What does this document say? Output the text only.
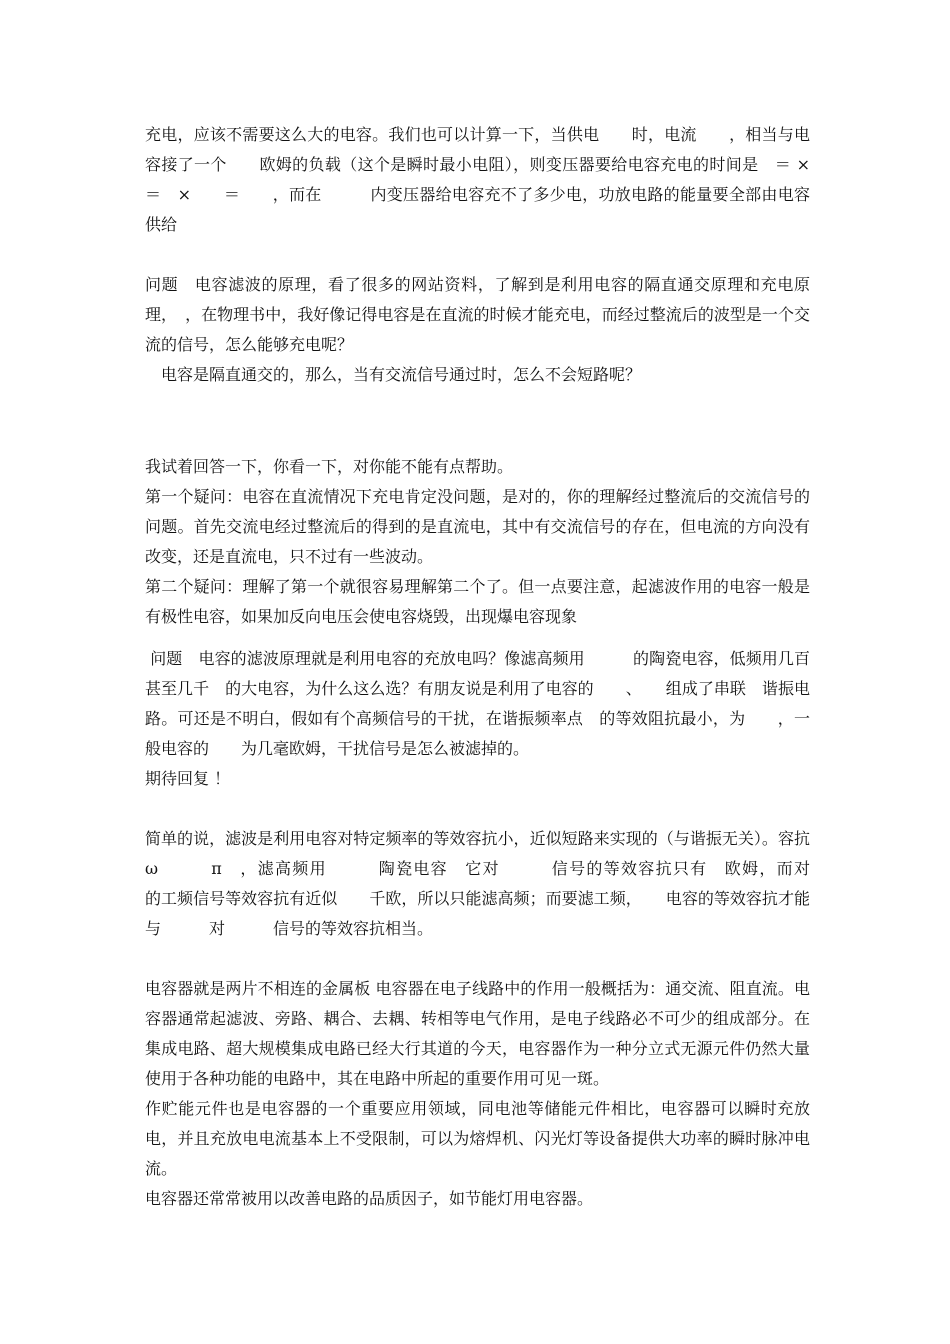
充电，应该不需要这么大的电容。我们也可以计算一下，当供电　　时，电流　　，相当与电容接了一个　　欧姆的负载（这个是瞬时最小电阻），则变压器要给电容充电的时间是　＝ × ＝　×　　＝　　，而在　　　内变压器给电容充不了多少电，功放电路的能量要全部由电容供给

问题　电容滤波的原理，看了很多的网站资料，了解到是利用电容的隔直通交原理和充电原理，　，在物理书中，我好像记得电容是在直流的时候才能充电，而经过整流后的波型是一个交流的信号，怎么能够充电呢？
　电容是隔直通交的，那么，当有交流信号通过时，怎么不会短路呢？

我试着回答一下，你看一下，对你能不能有点帮助。
第一个疑问：电容在直流情况下充电肯定没问题，是对的，你的理解经过整流后的交流信号的问题。首先交流电经过整流后的得到的是直流电，其中有交流信号的存在，但电流的方向没有改变，还是直流电，只不过有一些波动。
第二个疑问：理解了第一个就很容易理解第二个了。但一点要注意，起滤波作用的电容一般是有极性电容，如果加反向电压会使电容烧毁，出现爆电容现象

问题　电容的滤波原理就是利用电容的充放电吗？像滤高频用　　　的陶瓷电容，低频用几百甚至几千　的大电容，为什么这么选？有朋友说是利用了电容的　　、　　组成了串联　谐振电路。可还是不明白，假如有个高频信号的干扰，在谐振频率点　的等效阻抗最小，为　　，一般电容的　　为几毫欧姆，干扰信号是怎么被滤掉的。
期待回复 ！

简单的说，滤波是利用电容对特定频率的等效容抗小，近似短路来实现的（与谐振无关）。容抗　　　ω　　　π　，滤高频用　　　陶瓷电容　它对　　　信号的等效容抗只有　欧姆，而对　　　的工频信号等效容抗有近似　　千欧，所以只能滤高频；而要滤工频，　　电容的等效容抗才能与　　　对　　　信号的等效容抗相当。

电容器就是两片不相连的金属板 电容器在电子线路中的作用一般概括为：通交流、阻直流。电容器通常起滤波、旁路、耦合、去耦、转相等电气作用，是电子线路必不可少的组成部分。在集成电路、超大规模集成电路已经大行其道的今天，电容器作为一种分立式无源元件仍然大量使用于各种功能的电路中，其在电路中所起的重要作用可见一斑。
作贮能元件也是电容器的一个重要应用领域，同电池等储能元件相比，电容器可以瞬时充放电，并且充放电电流基本上不受限制，可以为熔焊机、闪光灯等设备提供大功率的瞬时脉冲电流。
电容器还常常被用以改善电路的品质因子，如节能灯用电容器。
